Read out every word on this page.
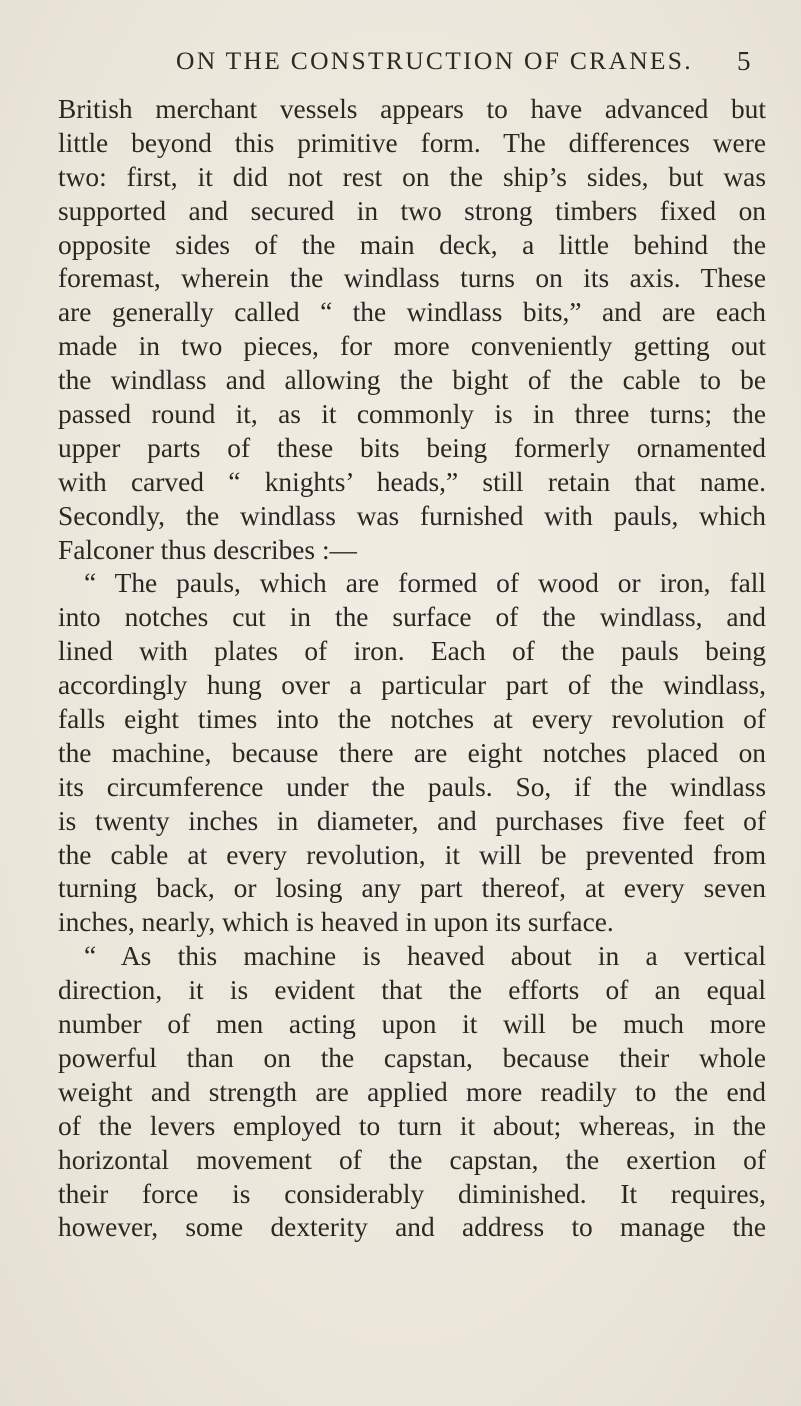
ON THE CONSTRUCTION OF CRANES. 5
British merchant vessels appears to have advanced but
little beyond this primitive form. The differences were
two: first, it did not rest on the ship’s sides, but was
supported and secured in two strong timbers fixed on
opposite sides of the main deck, a little behind the
foremast, wherein the windlass turns on its axis. These
are generally called “ the windlass bits,” and are each
made in two pieces, for more conveniently getting out
the windlass and allowing the bight of the cable to be
passed round it, as it commonly is in three turns; the
upper parts of these bits being formerly ornamented
with carved “ knights’ heads,” still retain that name.
Secondly, the windlass was furnished with pauls, which
Falconer thus describes :—
“ The pauls, which are formed of wood or iron, fall
into notches cut in the surface of the windlass, and
lined with plates of iron. Each of the pauls being
accordingly hung over a particular part of the windlass,
falls eight times into the notches at every revolution of
the machine, because there are eight notches placed on
its circumference under the pauls. So, if the windlass
is twenty inches in diameter, and purchases five feet of
the cable at every revolution, it will be prevented from
turning back, or losing any part thereof, at every seven
inches, nearly, which is heaved in upon its surface.
“ As this machine is heaved about in a vertical
direction, it is evident that the efforts of an equal
number of men acting upon it will be much more
powerful than on the capstan, because their whole
weight and strength are applied more readily to the end
of the levers employed to turn it about; whereas, in the
horizontal movement of the capstan, the exertion of
their force is considerably diminished. It requires,
however, some dexterity and address to manage the
